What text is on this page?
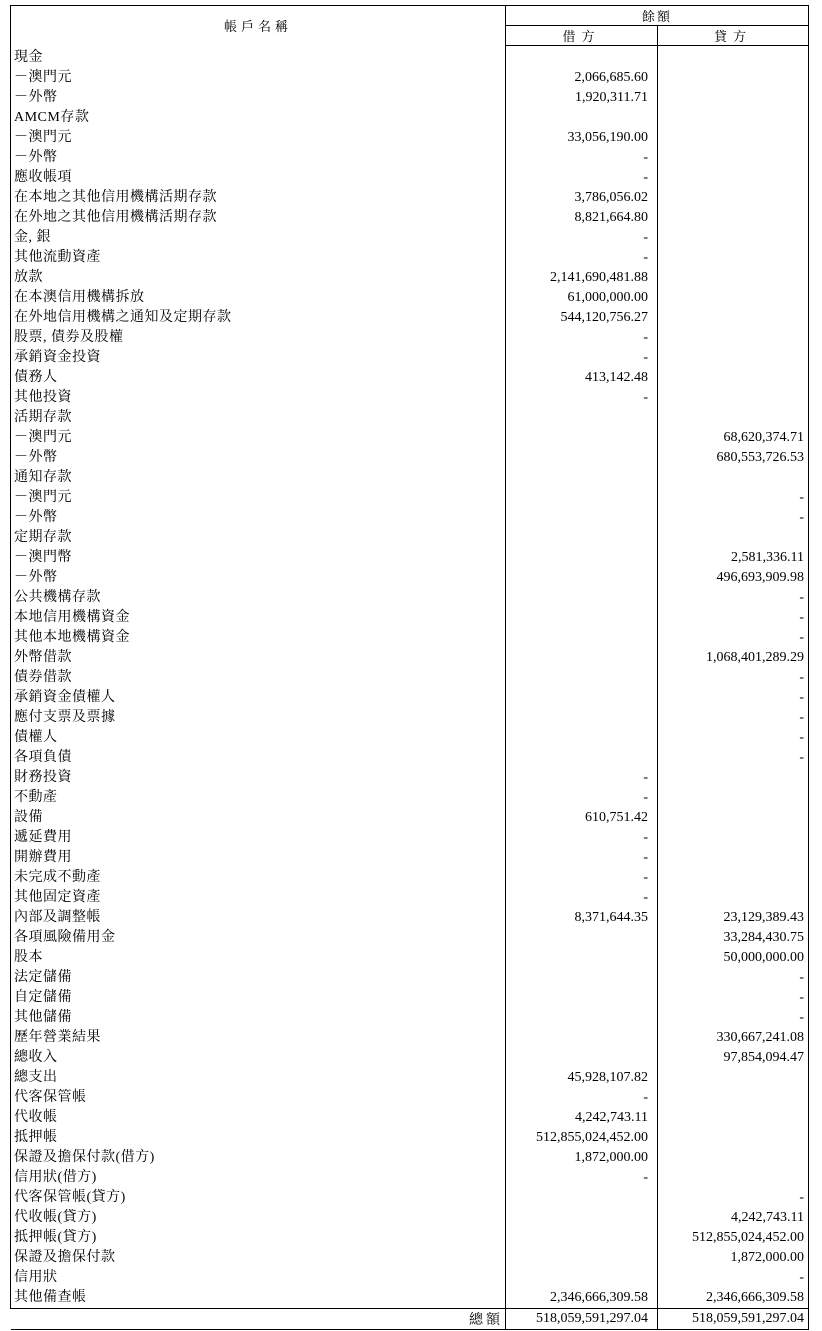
帳戶名稱	餘額	
	借方	貸方
現金		
－澳門元	2,066,685.60	
－外幣	1,920,311.71	
AMCM存款		
－澳門元	33,056,190.00	
－外幣	-	
應收帳項	-	
在本地之其他信用機構活期存款	3,786,056.02	
在外地之其他信用機構活期存款	8,821,664.80	
金, 銀	-	
其他流動資產	-	
放款	2,141,690,481.88	
在本澳信用機構拆放	61,000,000.00	
在外地信用機構之通知及定期存款	544,120,756.27	
股票, 債券及股權	-	
承銷資金投資	-	
債務人	413,142.48	
其他投資	-	
活期存款		
－澳門元		68,620,374.71
－外幣		680,553,726.53
通知存款		
－澳門元		-
－外幣		-
定期存款		
－澳門幣		2,581,336.11
－外幣		496,693,909.98
公共機構存款		-
本地信用機構資金		-
其他本地機構資金		-
外幣借款		1,068,401,289.29
債券借款		-
承銷資金債權人		-
應付支票及票據		-
債權人		-
各項負債		-
財務投資	-	
不動產	-	
設備	610,751.42	
遞延費用	-	
開辦費用	-	
未完成不動產	-	
其他固定資產	-	
內部及調整帳	8,371,644.35	23,129,389.43
各項風險備用金		33,284,430.75
股本		50,000,000.00
法定儲備		-
自定儲備		-
其他儲備		-
歷年營業結果		330,667,241.08
總收入		97,854,094.47
總支出	45,928,107.82	
代客保管帳	-	
代收帳	4,242,743.11	
抵押帳	512,855,024,452.00	
保證及擔保付款(借方)	1,872,000.00	
信用狀(借方)	-	
代客保管帳(貸方)		-
代收帳(貸方)		4,242,743.11
抵押帳(貸方)		512,855,024,452.00
保證及擔保付款		1,872,000.00
信用狀		-
其他備查帳	2,346,666,309.58	2,346,666,309.58
總額	518,059,591,297.04	518,059,591,297.04
